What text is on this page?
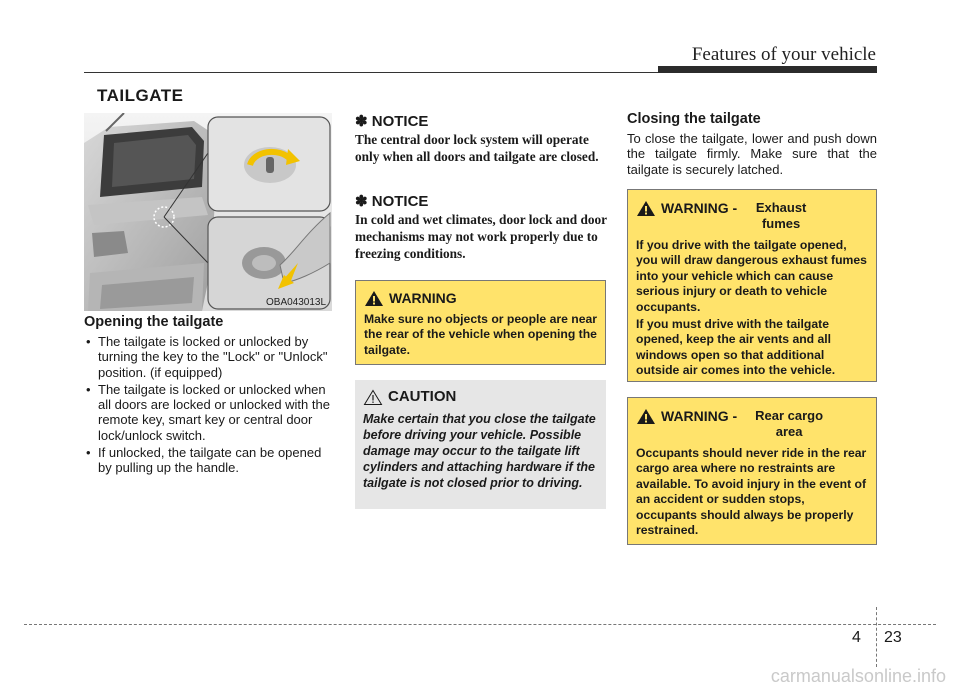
Features of your vehicle
TAILGATE
OBA043013L
Opening the tailgate
• The tailgate is locked or unlocked by turning the key to the "Lock" or "Unlock" position. (if equipped)
• The tailgate is locked or unlocked when all doors are locked or unlocked with the remote key, smart key or central door lock/unlock switch.
• If unlocked, the tailgate can be opened by pulling up the handle.
✽ NOTICE
The central door lock system will operate only when all doors and tailgate are closed.
✽ NOTICE
In cold and wet climates, door lock and door mechanisms may not work properly due to freezing conditions.
WARNING

Make sure no objects or people are near the rear of the vehicle when opening the tailgate.

CAUTION

Make certain that you close the tailgate before driving your vehicle. Possible damage may occur to the tailgate lift cylinders and attaching hardware if the tailgate is not closed prior to driving.

Closing the tailgate
To close the tailgate, lower and push down the tailgate firmly. Make sure that the tailgate is securely latched.
WARNING - Exhaust fumes

If you drive with the tailgate opened, you will draw dangerous exhaust fumes into your vehicle which can cause serious injury or death to vehicle occupants.

If you must drive with the tailgate opened, keep the air vents and all windows open so that additional outside air comes into the vehicle.

WARNING - Rear cargo area

Occupants should never ride in the rear cargo area where no restraints are available. To avoid injury in the event of an accident or sudden stops, occupants should always be properly restrained.

4 23
carmanualsonline.info
